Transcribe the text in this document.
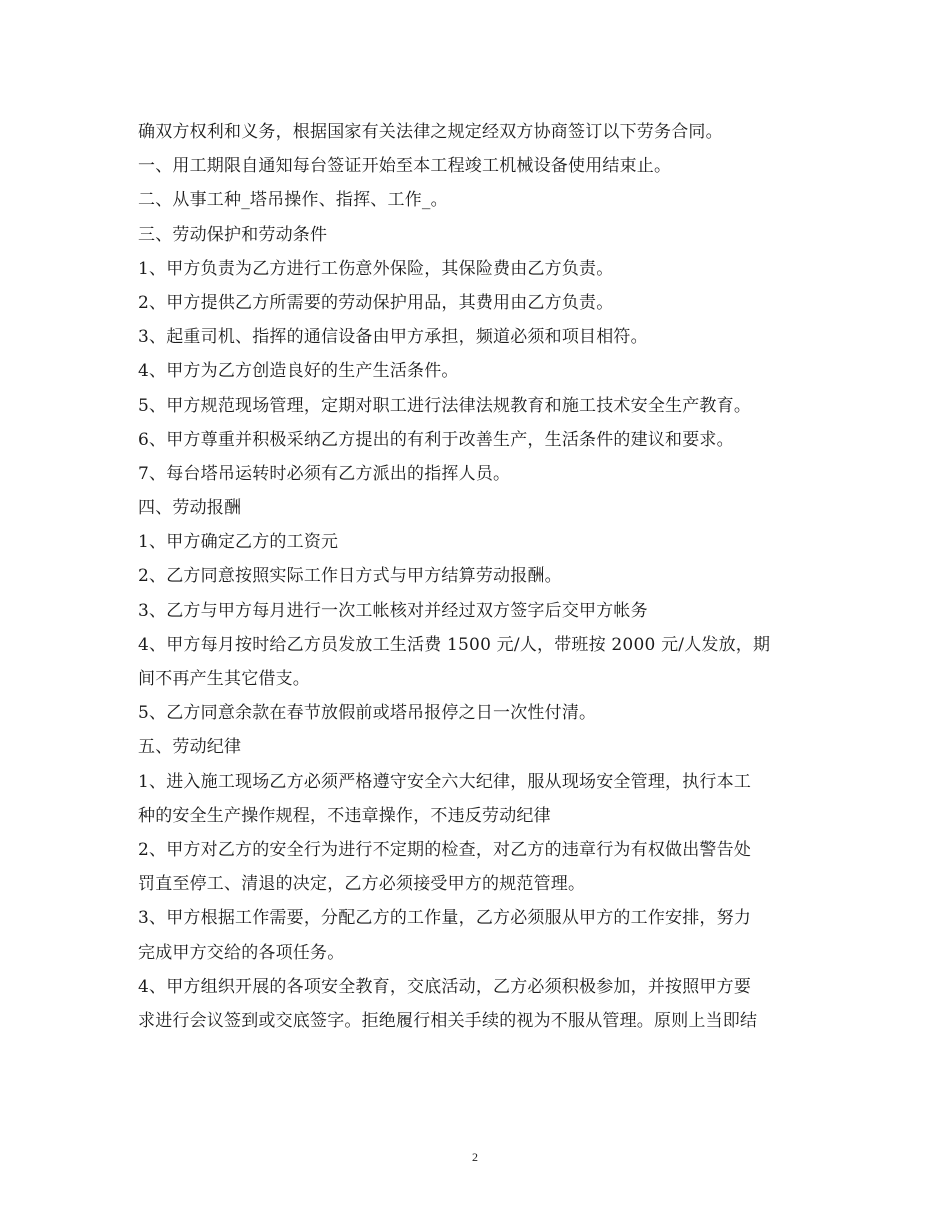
确双方权利和义务，根据国家有关法律之规定经双方协商签订以下劳务合同。
一、用工期限自通知每台签证开始至本工程竣工机械设备使用结束止。
二、从事工种_塔吊操作、指挥、工作_。
三、劳动保护和劳动条件
1、甲方负责为乙方进行工伤意外保险，其保险费由乙方负责。
2、甲方提供乙方所需要的劳动保护用品，其费用由乙方负责。
3、起重司机、指挥的通信设备由甲方承担，频道必须和项目相符。
4、甲方为乙方创造良好的生产生活条件。
5、甲方规范现场管理，定期对职工进行法律法规教育和施工技术安全生产教育。
6、甲方尊重并积极采纳乙方提出的有利于改善生产，生活条件的建议和要求。
7、每台塔吊运转时必须有乙方派出的指挥人员。
四、劳动报酬
1、甲方确定乙方的工资元
2、乙方同意按照实际工作日方式与甲方结算劳动报酬。
3、乙方与甲方每月进行一次工帐核对并经过双方签字后交甲方帐务
4、甲方每月按时给乙方员发放工生活费 1500 元/人，带班按 2000 元/人发放，期
间不再产生其它借支。
5、乙方同意余款在春节放假前或塔吊报停之日一次性付清。
五、劳动纪律
1、进入施工现场乙方必须严格遵守安全六大纪律，服从现场安全管理，执行本工
种的安全生产操作规程，不违章操作，不违反劳动纪律
2、甲方对乙方的安全行为进行不定期的检查，对乙方的违章行为有权做出警告处
罚直至停工、清退的决定，乙方必须接受甲方的规范管理。
3、甲方根据工作需要，分配乙方的工作量，乙方必须服从甲方的工作安排，努力
完成甲方交给的各项任务。
4、甲方组织开展的各项安全教育，交底活动，乙方必须积极参加，并按照甲方要
求进行会议签到或交底签字。拒绝履行相关手续的视为不服从管理。原则上当即结
2
